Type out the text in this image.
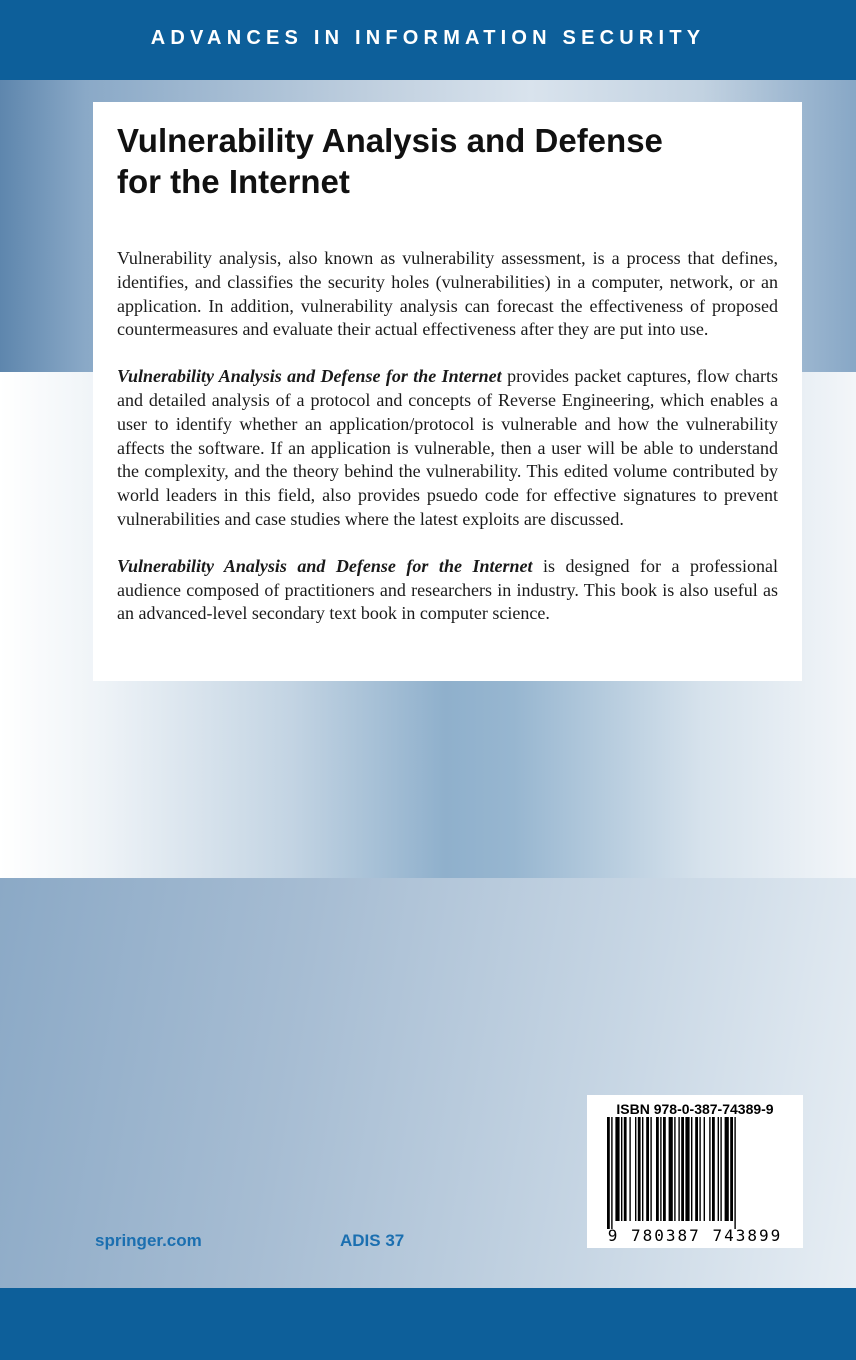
ADVANCES IN INFORMATION SECURITY
Vulnerability Analysis and Defense
for the Internet

Vulnerability analysis, also known as vulnerability assessment, is a process that defines, identifies, and classifies the security holes (vulnerabilities) in a computer, network, or an application. In addition, vulnerability analysis can forecast the effectiveness of proposed countermeasures and evaluate their actual effectiveness after they are put into use.

Vulnerability Analysis and Defense for the Internet provides packet captures, flow charts and detailed analysis of a protocol and concepts of Reverse Engineering, which enables a user to identify whether an application/protocol is vulnerable and how the vulnerability affects the software. If an application is vulnerable, then a user will be able to understand the complexity, and the theory behind the vulnerability. This edited volume contributed by world leaders in this field, also provides psuedo code for effective signatures to prevent vulnerabilities and case studies where the latest exploits are discussed.

Vulnerability Analysis and Defense for the Internet is designed for a professional audience composed of practitioners and researchers in industry. This book is also useful as an advanced-level secondary text book in computer science.

springer.com	ADIS 37
ISBN 978-0-387-74389-9
9 780387 743899
